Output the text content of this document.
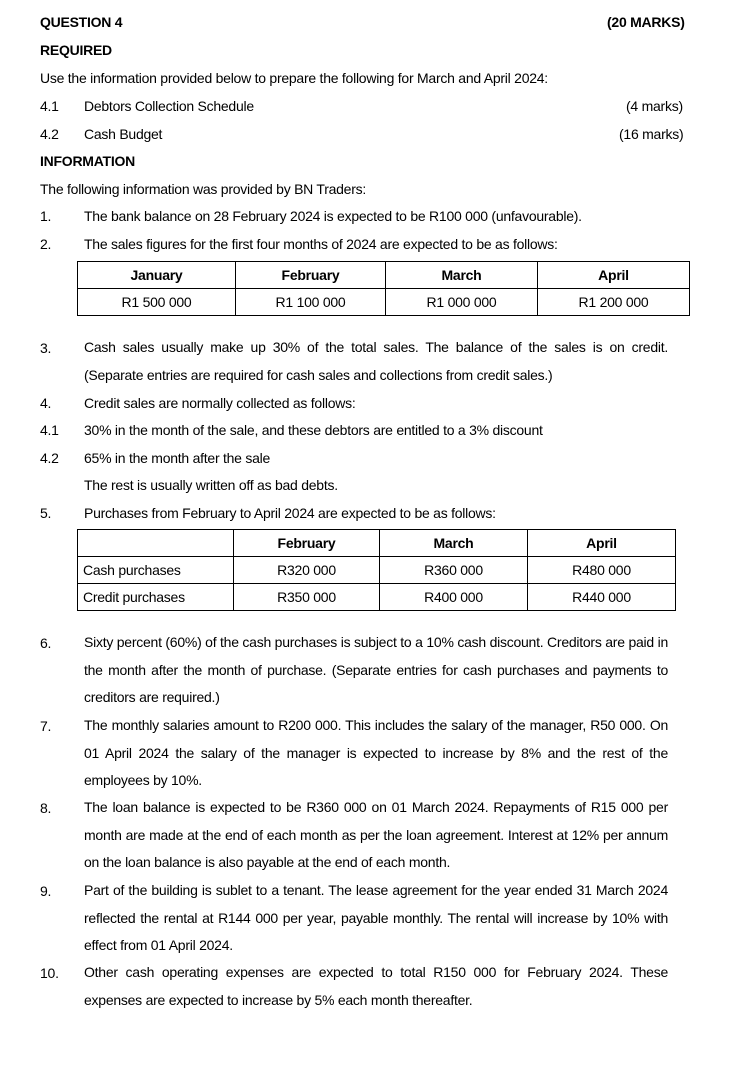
QUESTION 4	(20 MARKS)
REQUIRED
Use the information provided below to prepare the following for March and April 2024:
4.1 Debtors Collection Schedule	(4 marks)
4.2 Cash Budget	(16 marks)
INFORMATION
The following information was provided by BN Traders:
1. The bank balance on 28 February 2024 is expected to be R100 000 (unfavourable).
2. The sales figures for the first four months of 2024 are expected to be as follows:
January	February	March	April
R1 500 000	R1 100 000	R1 000 000	R1 200 000
3. Cash sales usually make up 30% of the total sales. The balance of the sales is on credit. (Separate entries are required for cash sales and collections from credit sales.)
4. Credit sales are normally collected as follows:
4.1 30% in the month of the sale, and these debtors are entitled to a 3% discount
4.2 65% in the month after the sale
The rest is usually written off as bad debts.
5. Purchases from February to April 2024 are expected to be as follows:
	February	March	April
Cash purchases	R320 000	R360 000	R480 000
Credit purchases	R350 000	R400 000	R440 000
6. Sixty percent (60%) of the cash purchases is subject to a 10% cash discount. Creditors are paid in the month after the month of purchase. (Separate entries for cash purchases and payments to creditors are required.)
7. The monthly salaries amount to R200 000. This includes the salary of the manager, R50 000. On 01 April 2024 the salary of the manager is expected to increase by 8% and the rest of the employees by 10%.
8. The loan balance is expected to be R360 000 on 01 March 2024. Repayments of R15 000 per month are made at the end of each month as per the loan agreement. Interest at 12% per annum on the loan balance is also payable at the end of each month.
9. Part of the building is sublet to a tenant. The lease agreement for the year ended 31 March 2024 reflected the rental at R144 000 per year, payable monthly. The rental will increase by 10% with effect from 01 April 2024.
10. Other cash operating expenses are expected to total R150 000 for February 2024. These expenses are expected to increase by 5% each month thereafter.
